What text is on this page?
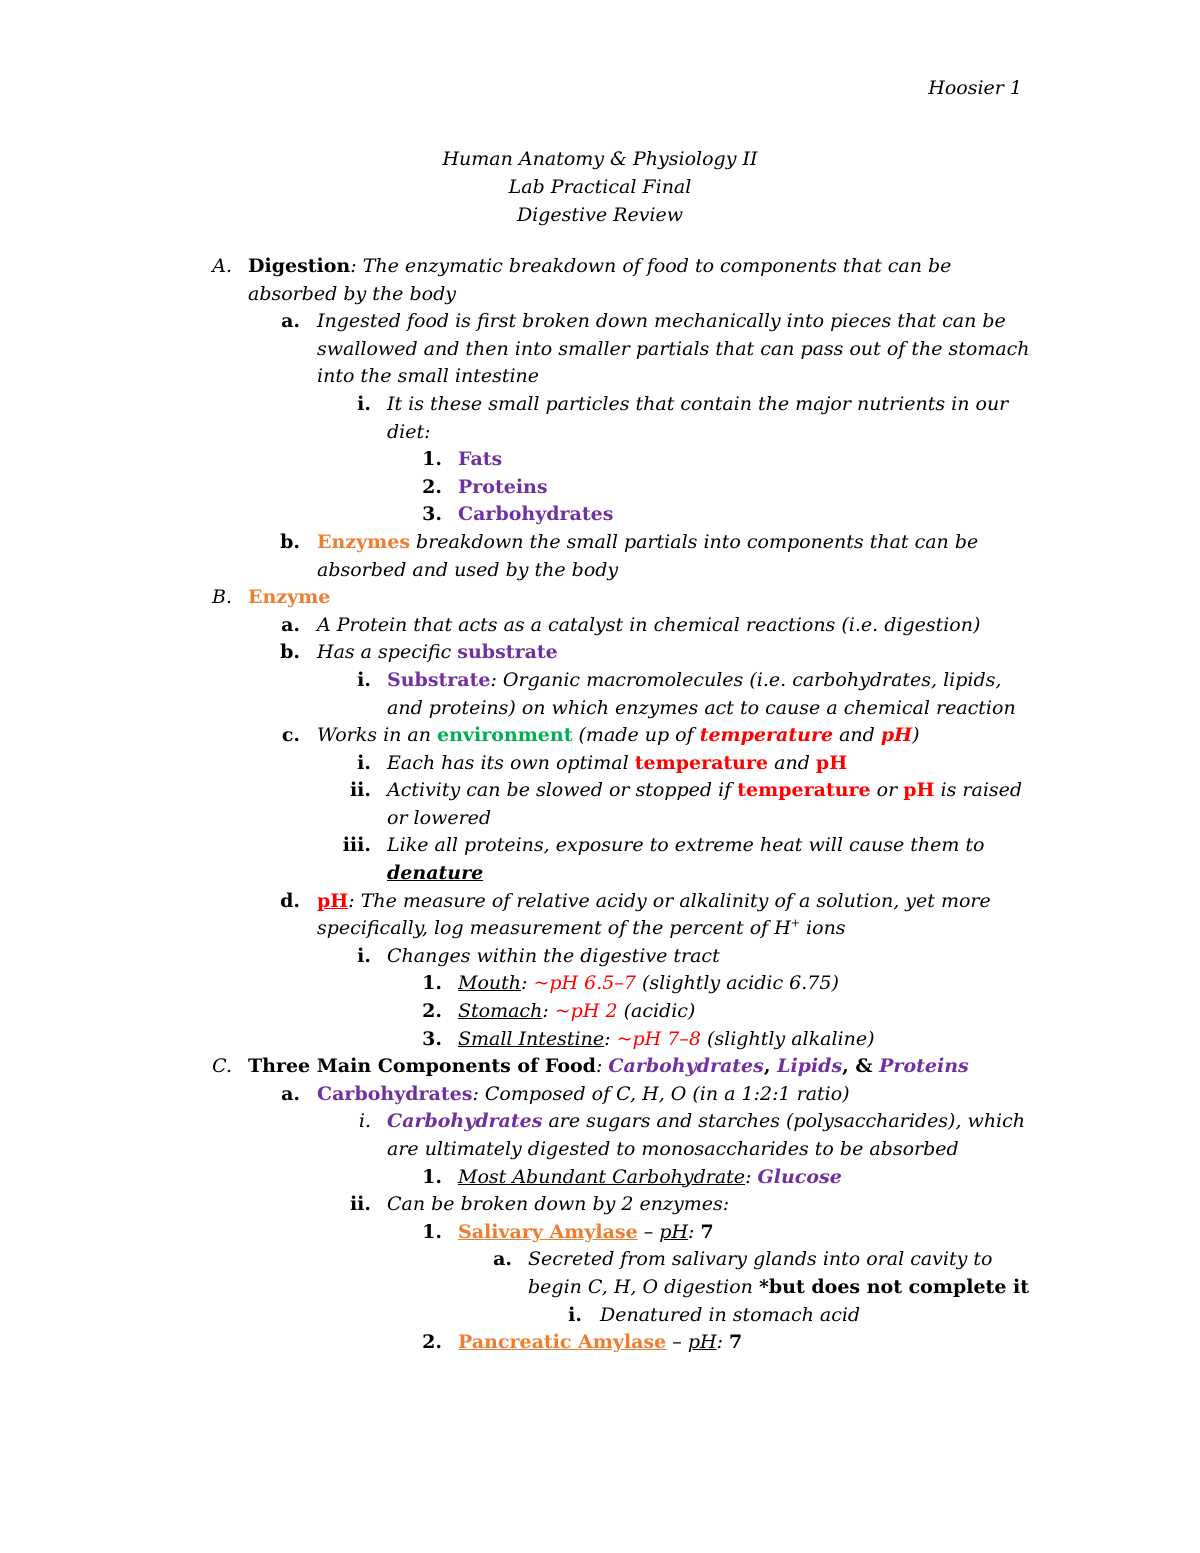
Hoosier 1
Human Anatomy & Physiology II
Lab Practical Final
Digestive Review
A. Digestion: The enzymatic breakdown of food to components that can be absorbed by the body
a. Ingested food is first broken down mechanically into pieces that can be swallowed and then into smaller partials that can pass out of the stomach into the small intestine
i. It is these small particles that contain the major nutrients in our diet:
1. Fats
2. Proteins
3. Carbohydrates
b. Enzymes breakdown the small partials into components that can be absorbed and used by the body
B. Enzyme
a. A Protein that acts as a catalyst in chemical reactions (i.e. digestion)
b. Has a specific substrate
i. Substrate: Organic macromolecules (i.e. carbohydrates, lipids, and proteins) on which enzymes act to cause a chemical reaction
c. Works in an environment (made up of temperature and pH)
i. Each has its own optimal temperature and pH
ii. Activity can be slowed or stopped if temperature or pH is raised or lowered
iii. Like all proteins, exposure to extreme heat will cause them to denature
d. pH: The measure of relative acidy or alkalinity of a solution, yet more specifically, log measurement of the percent of H+ ions
i. Changes within the digestive tract
1. Mouth: ~pH 6.5–7 (slightly acidic 6.75)
2. Stomach: ~pH 2 (acidic)
3. Small Intestine: ~pH 7–8 (slightly alkaline)
C. Three Main Components of Food: Carbohydrates, Lipids, & Proteins
a. Carbohydrates: Composed of C, H, O (in a 1:2:1 ratio)
i. Carbohydrates are sugars and starches (polysaccharides), which are ultimately digested to monosaccharides to be absorbed
1. Most Abundant Carbohydrate: Glucose
ii. Can be broken down by 2 enzymes:
1. Salivary Amylase – pH: 7
a. Secreted from salivary glands into oral cavity to begin C, H, O digestion *but does not complete it
i. Denatured in stomach acid
2. Pancreatic Amylase – pH: 7
